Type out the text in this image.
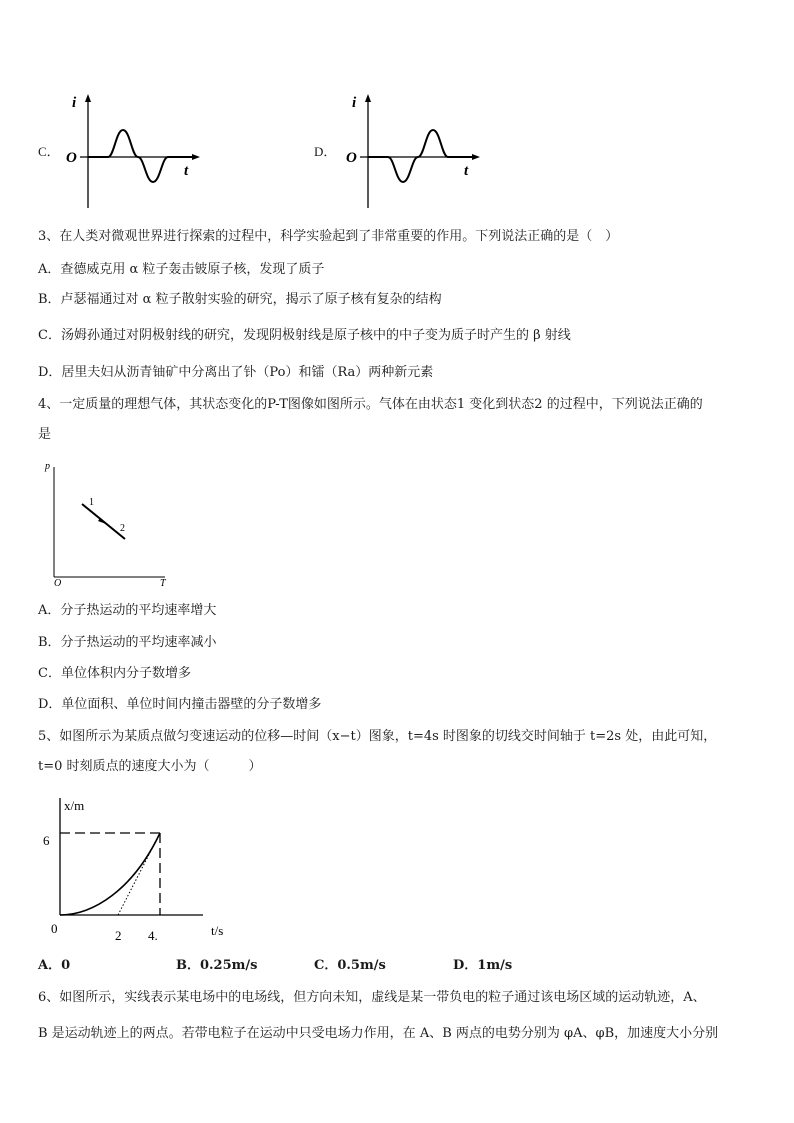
C．
i
t
O	D．
i
t
O
3、在人类对微观世界进行探索的过程中，科学实验起到了非常重要的作用。下列说法正确的是（　）
A．查德威克用 α 粒子轰击铍原子核，发现了质子
B．卢瑟福通过对 α 粒子散射实验的研究，揭示了原子核有复杂的结构
C．汤姆孙通过对阴极射线的研究，发现阴极射线是原子核中的中子变为质子时产生的 β 射线
D．居里夫妇从沥青铀矿中分离出了钋（Po）和镭（Ra）两种新元素
4、一定质量的理想气体，其状态变化的P-T图像如图所示。气体在由状态1 变化到状态2 的过程中，下列说法正确的
是
p
T
O
1
2
A．分子热运动的平均速率增大
B．分子热运动的平均速率减小
C．单位体积内分子数增多
D．单位面积、单位时间内撞击器壁的分子数增多
5、如图所示为某质点做匀变速运动的位移—时间（x−t）图象，t=4s 时图象的切线交时间轴于 t=2s 处，由此可知，
t=0 时刻质点的速度大小为（　　　）
x/m
t/s
0
6
2 4.
A．0	B．0.25m/s	C．0.5m/s	D．1m/s
6、如图所示，实线表示某电场中的电场线，但方向未知，虚线是某一带负电的粒子通过该电场区域的运动轨迹，A、
B 是运动轨迹上的两点。若带电粒子在运动中只受电场力作用，在 A、B 两点的电势分别为 φA、φB，加速度大小分别
